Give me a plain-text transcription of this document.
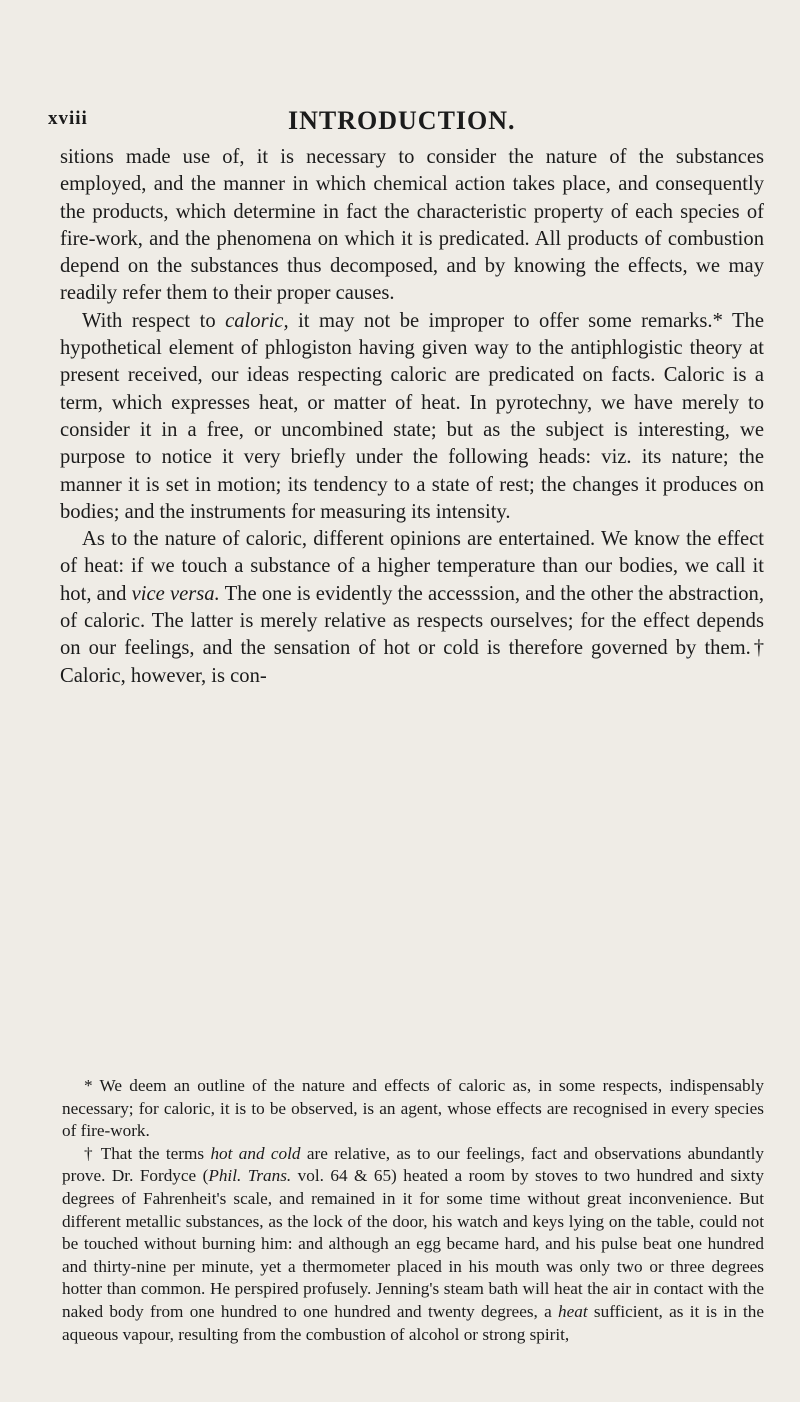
xviii	INTRODUCTION.

sitions made use of, it is necessary to consider the nature of the substances employed, and the manner in which chemical action takes place, and consequently the products, which determine in fact the characteristic property of each species of fire-work, and the phenomena on which it is predicated. All products of combustion depend on the substances thus decomposed, and by knowing the effects, we may readily refer them to their proper causes.

With respect to caloric, it may not be improper to offer some remarks.* The hypothetical element of phlogiston having given way to the antiphlogistic theory at present received, our ideas respecting caloric are predicated on facts. Caloric is a term, which expresses heat, or matter of heat. In pyrotechny, we have merely to consider it in a free, or uncombined state; but as the subject is interesting, we purpose to notice it very briefly under the following heads: viz. its nature; the manner it is set in motion; its tendency to a state of rest; the changes it produces on bodies; and the instruments for measuring its intensity.

As to the nature of caloric, different opinions are entertained. We know the effect of heat: if we touch a substance of a higher temperature than our bodies, we call it hot, and vice versa. The one is evidently the accesssion, and the other the abstraction, of caloric. The latter is merely relative as respects ourselves; for the effect depends on our feelings, and the sensation of hot or cold is therefore governed by them.† Caloric, however, is con-

* We deem an outline of the nature and effects of caloric as, in some respects, indispensably necessary; for caloric, it is to be observed, is an agent, whose effects are recognised in every species of fire-work.

† That the terms hot and cold are relative, as to our feelings, fact and observations abundantly prove. Dr. Fordyce (Phil. Trans. vol. 64 & 65) heated a room by stoves to two hundred and sixty degrees of Fahrenheit's scale, and remained in it for some time without great inconvenience. But different metallic substances, as the lock of the door, his watch and keys lying on the table, could not be touched without burning him: and although an egg became hard, and his pulse beat one hundred and thirty-nine per minute, yet a thermometer placed in his mouth was only two or three degrees hotter than common. He perspired profusely. Jenning's steam bath will heat the air in contact with the naked body from one hundred to one hundred and twenty degrees, a heat sufficient, as it is in the aqueous vapour, resulting from the combustion of alcohol or strong spirit,
